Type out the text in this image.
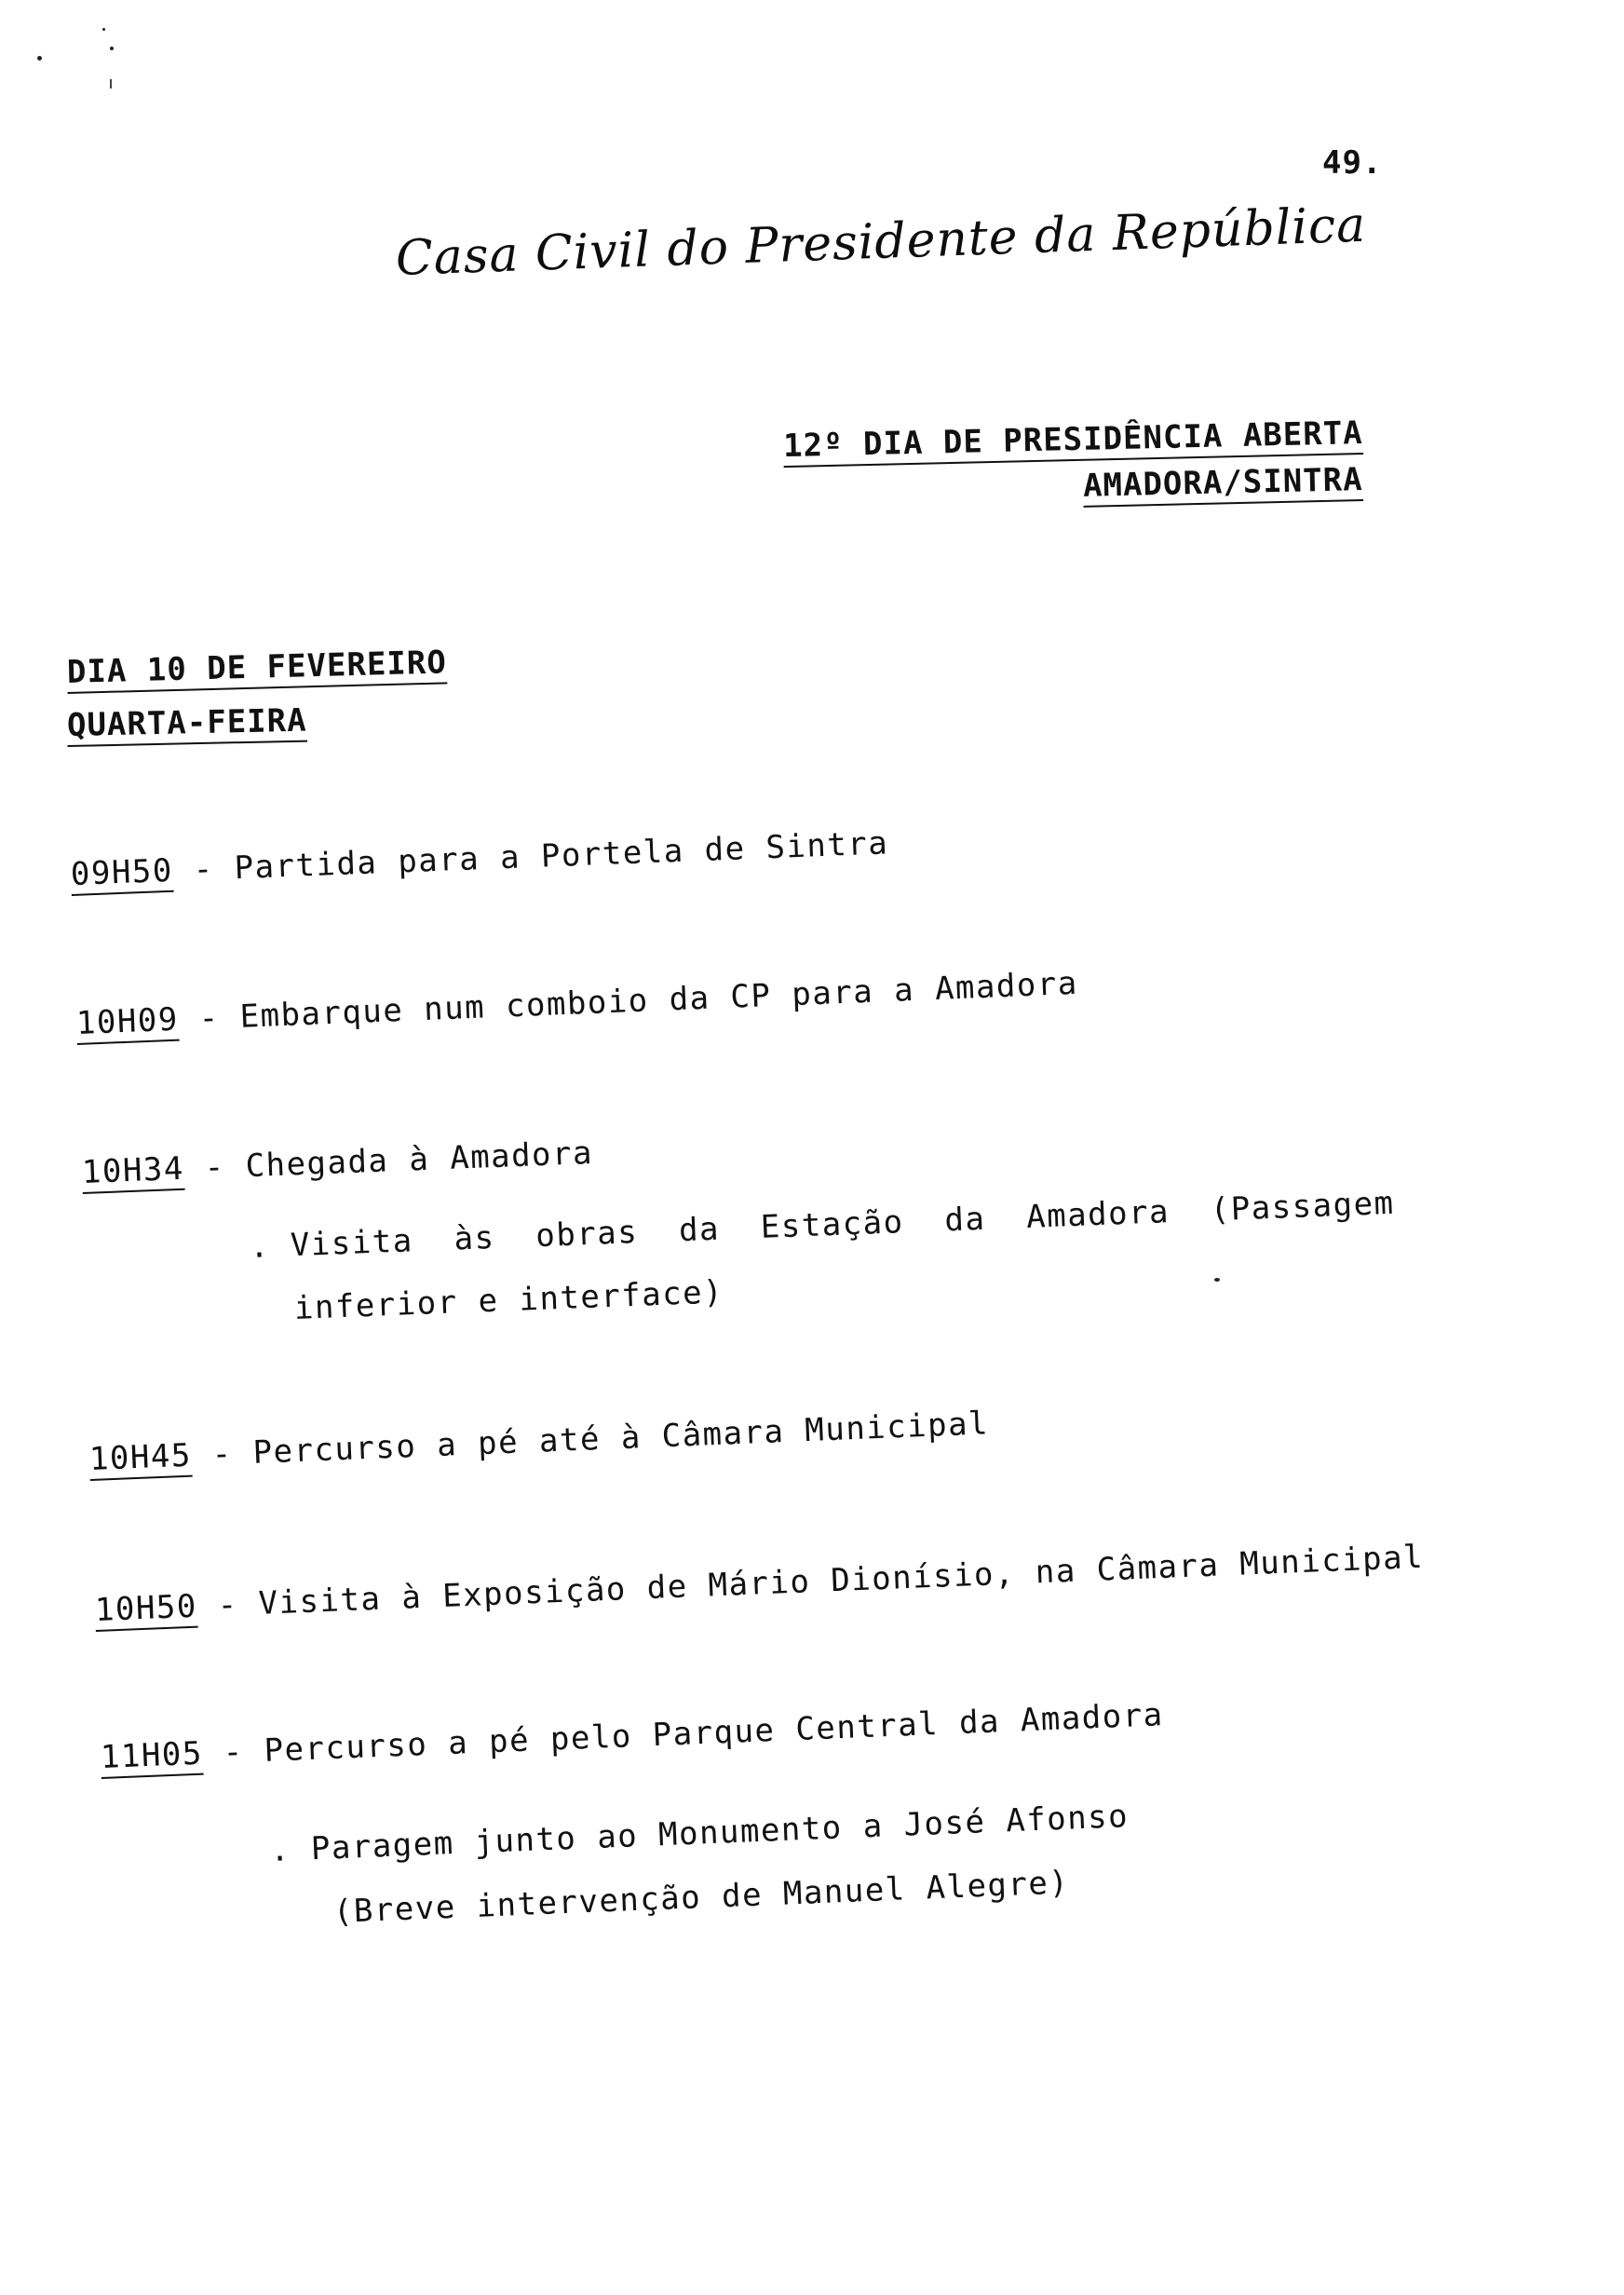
49.
Casa Civil do Presidente da República
12º DIA DE PRESIDÊNCIA ABERTA
AMADORA/SINTRA
DIA 10 DE FEVEREIRO
QUARTA-FEIRA
09H50 - Partida para a Portela de Sintra
10H09 - Embarque num comboio da CP para a Amadora
10H34 - Chegada à Amadora
. Visita  às  obras  da  Estação  da  Amadora  (Passagem
inferior e interface)
10H45 - Percurso a pé até à Câmara Municipal
10H50 - Visita à Exposição de Mário Dionísio, na Câmara Municipal
11H05 - Percurso a pé pelo Parque Central da Amadora
. Paragem junto ao Monumento a José Afonso
(Breve intervenção de Manuel Alegre)
